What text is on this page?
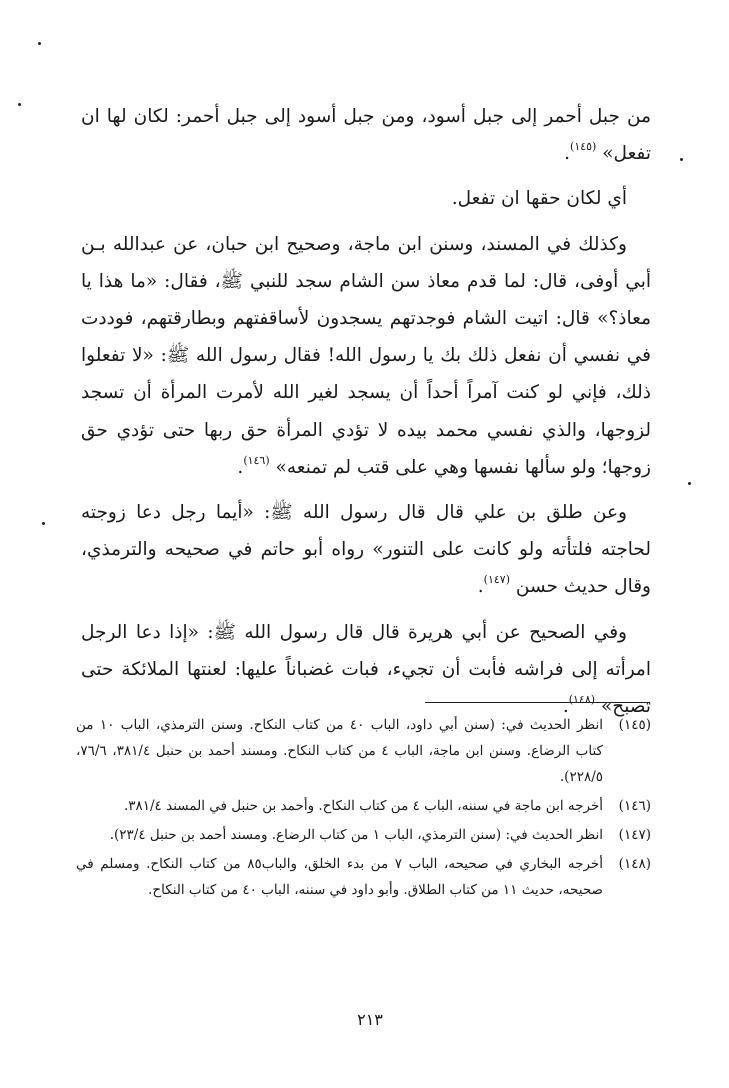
من جبل أحمر إلى جبل أسود، ومن جبل أسود إلى جبل أحمر: لكان لها ان تفعل» $^{(١٤٥)}$.

أي لكان حقها ان تفعل.

وكذلك في المسند، وسنن ابن ماجة، وصحيح ابن حبان، عن عبدالله بـن أبي أوفى، قال: لما قدم معاذ سن الشام سجد للنبي ﷺ، فقال: «ما هذا يا معاذ؟» قال: اتيت الشام فوجدتهم يسجدون لأساقفتهم وبطارقتهم، فوددت في نفسي أن نفعل ذلك بك يا رسول الله! فقال رسول الله ﷺ: «لا تفعلوا ذلك، فإني لو كنت آمراً أحداً أن يسجد لغير الله لأمرت المرأة أن تسجد لزوجها، والذي نفسي محمد بيده لا تؤدي المرأة حق ربها حتى تؤدي حق زوجها؛ ولو سألها نفسها وهي على قتب لم تمنعه» $^{(١٤٦)}$.

وعن طلق بن علي قال قال رسول الله ﷺ: «أيما رجل دعا زوجته لحاجته فلتأته ولو كانت على التنور» رواه أبو حاتم في صحيحه والترمذي، وقال حديث حسن $^{(١٤٧)}$.

وفي الصحيح عن أبي هريرة قال قال رسول الله ﷺ: «إذا دعا الرجل امرأته إلى فراشه فأبت أن تجيء، فبات غضباناً عليها: لعنتها الملائكة حتى تصبح» $^{(١٤٨)}$.

(١٤٥)
انظر الحديث في: (سنن أبي داود، الباب ٤٠ من كتاب النكاح. وسنن الترمذي، الباب ١٠ من كتاب الرضاع. وسنن ابن ماجة، الباب ٤ من كتاب النكاح. ومسند أحمد بن حنبل ٣٨١/٤، ٧٦/٦، ٢٢٨/٥).
(١٤٦)
أخرجه ابن ماجة في سننه، الباب ٤ من كتاب النكاح. وأحمد بن حنبل في المسند ٣٨١/٤.
(١٤٧)
انظر الحديث في: (سنن الترمذي، الباب ١ من كتاب الرضاع. ومسند أحمد بن حنبل ٢٣/٤).
(١٤٨)
أخرجه البخاري في صحيحه، الباب ٧ من بدء الخلق، والباب٨٥ من كتاب النكاح. ومسلم في صحيحه، حديث ١١ من كتاب الطلاق. وأبو داود في سننه، الباب ٤٠ من كتاب النكاح.
٢١٣
